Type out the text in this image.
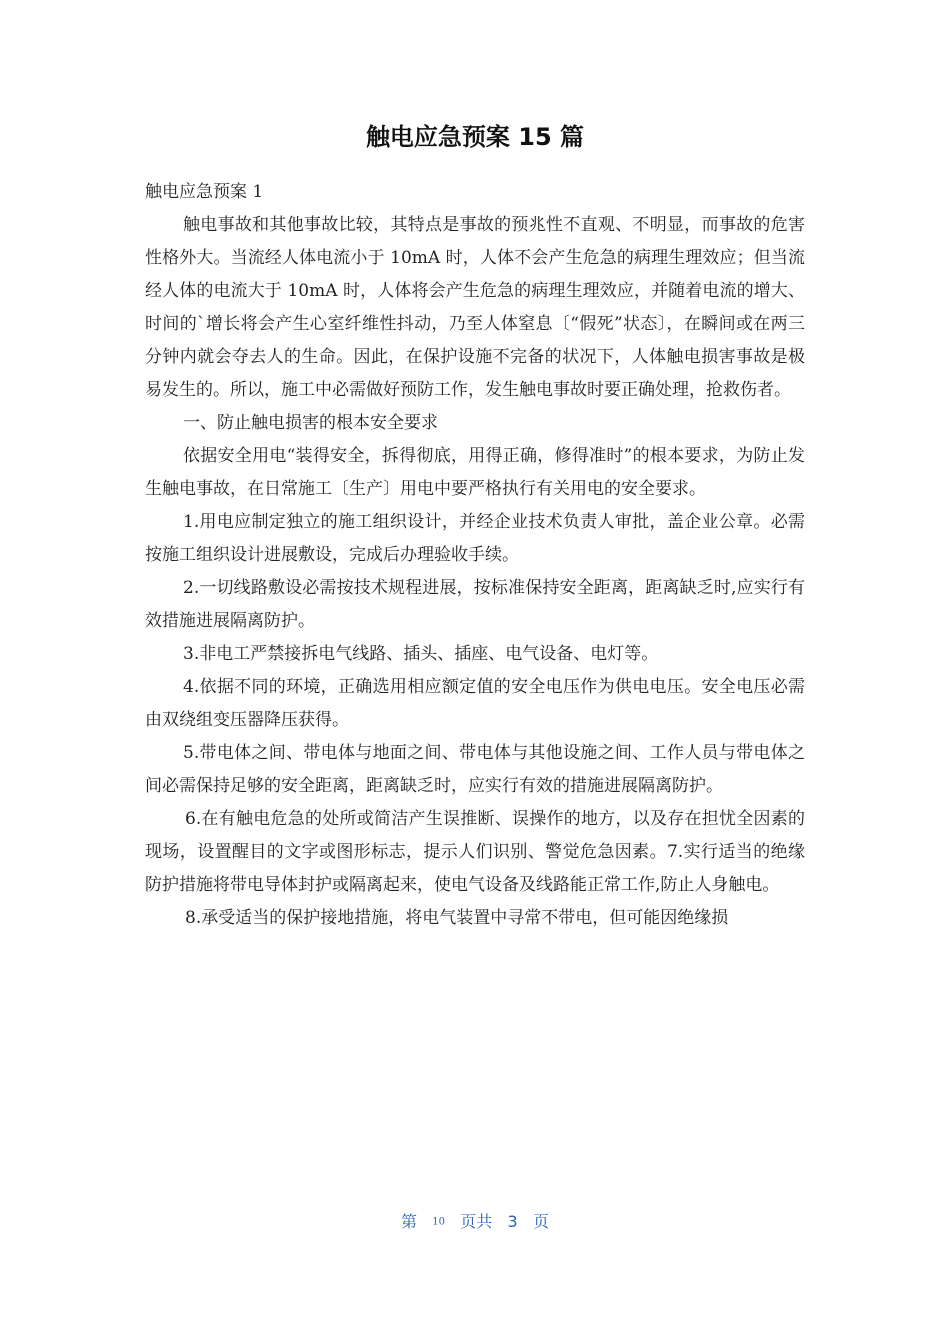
触电应急预案 15 篇

触电应急预案 1

触电事故和其他事故比较，其特点是事故的预兆性不直观、不明显，而事故的危害性格外大。当流经人体电流小于 10mA 时，人体不会产生危急的病理生理效应；但当流经人体的电流大于 10mA 时，人体将会产生危急的病理生理效应，并随着电流的增大、时间的`增长将会产生心室纤维性抖动，乃至人体窒息〔“假死”状态〕，在瞬间或在两三分钟内就会夺去人的生命。因此，在保护设施不完备的状况下，人体触电损害事故是极易发生的。所以，施工中必需做好预防工作，发生触电事故时要正确处理，抢救伤者。

一、防止触电损害的根本安全要求

依据安全用电“装得安全，拆得彻底，用得正确，修得准时”的根本要求，为防止发生触电事故，在日常施工〔生产〕用电中要严格执行有关用电的安全要求。

1.用电应制定独立的施工组织设计，并经企业技术负责人审批，盖企业公章。必需按施工组织设计进展敷设，完成后办理验收手续。

2.一切线路敷设必需按技术规程进展，按标准保持安全距离，距离缺乏时,应实行有效措施进展隔离防护。

3.非电工严禁接拆电气线路、插头、插座、电气设备、电灯等。

4.依据不同的环境，正确选用相应额定值的安全电压作为供电电压。安全电压必需由双绕组变压器降压获得。

5.带电体之间、带电体与地面之间、带电体与其他设施之间、工作人员与带电体之间必需保持足够的安全距离，距离缺乏时，应实行有效的措施进展隔离防护。

6.在有触电危急的处所或简洁产生误推断、误操作的地方，以及存在担忧全因素的现场，设置醒目的文字或图形标志，提示人们识别、警觉危急因素。7.实行适当的绝缘防护措施将带电导体封护或隔离起来，使电气设备及线路能正常工作,防止人身触电。

8.承受适当的保护接地措施，将电气装置中寻常不带电，但可能因绝缘损

第 10 页共 3 页
